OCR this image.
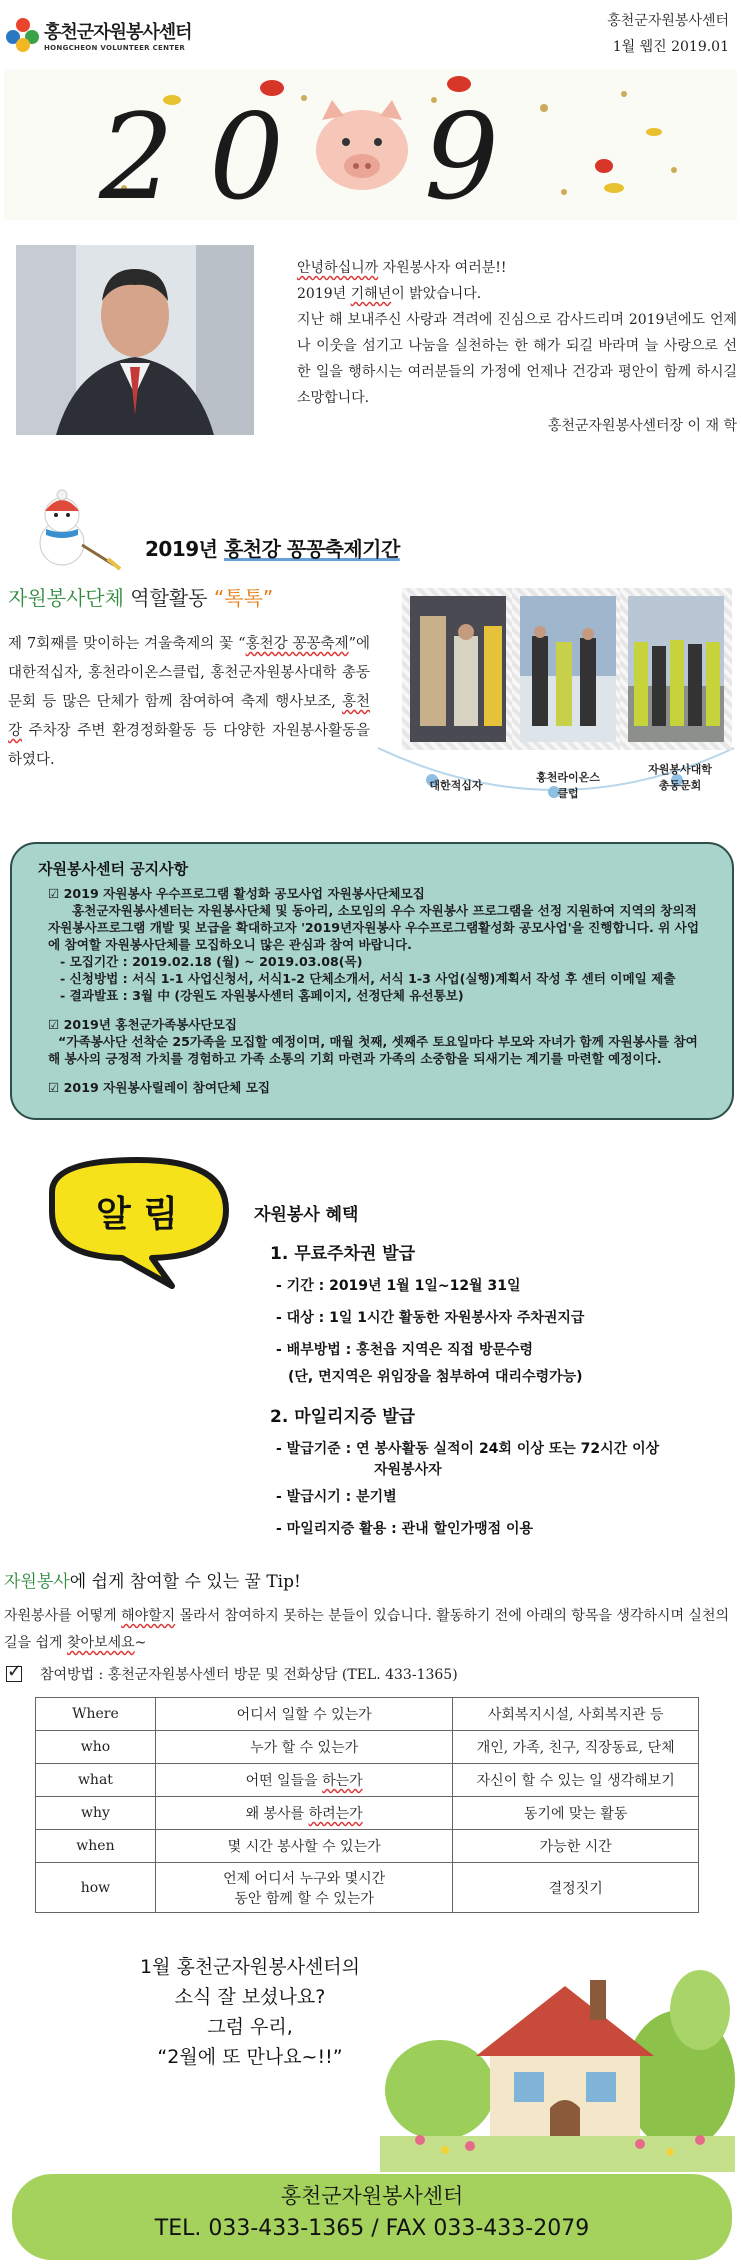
홍천군자원봉사센터
HONGCHEON VOLUNTEER CENTER
홍천군자원봉사센터
1월 웹진 2019.01
2 0 9
안녕하십니까 자원봉사자 여러분!!
2019년 기해년이 밝았습니다.
지난 해 보내주신 사랑과 격려에 진심으로 감사드리며 2019년에도 언제나 이웃을 섬기고 나눔을 실천하는 한 해가 되길 바라며 늘 사랑으로 선한 일을 행하시는 여러분들의 가정에 언제나 건강과 평안이 함께 하시길 소망합니다.
홍천군자원봉사센터장 이 재 학
2019년 홍천강 꽁꽁축제기간
자원봉사단체 역할활동 “톡톡”
제 7회째를 맞이하는 겨울축제의 꽃 “홍천강 꽁꽁축제”에 대한적십자, 홍천라이온스클럽, 홍천군자원봉사대학 총동문회 등 많은 단체가 함께 참여하여 축제 행사보조, 홍천강 주차장 주변 환경정화활동 등 다양한 자원봉사활동을 하였다.
대한적십자
홍천라이온스
클럽
자원봉사대학
총동문회
자원봉사센터 공지사항

☑ 2019 자원봉사 우수프로그램 활성화 공모사업 자원봉사단체모집

홍천군자원봉사센터는 자원봉사단체 및 동아리, 소모임의 우수 자원봉사 프로그램을 선정 지원하여 지역의 창의적 자원봉사프로그램 개발 및 보급을 확대하고자 '2019년자원봉사 우수프로그램활성화 공모사업'을 진행합니다. 위 사업에 참여할 자원봉사단체를 모집하오니 많은 관심과 참여 바랍니다.

- 모집기간 : 2019.02.18 (월) ~ 2019.03.08(목)

- 신청방법 : 서식 1-1 사업신청서, 서식1-2 단체소개서, 서식 1-3 사업(실행)계획서 작성 후 센터 이메일 제출

- 결과발표 : 3월 中 (강원도 자원봉사센터 홈페이지, 선정단체 유선통보)

☑ 2019년 홍천군가족봉사단모집

“가족봉사단 선착순 25가족을 모집할 예정이며, 매월 첫째, 셋째주 토요일마다 부모와 자녀가 함께 자원봉사를 참여해 봉사의 긍정적 가치를 경험하고 가족 소통의 기회 마련과 가족의 소중함을 되새기는 계기를 마련할 예정이다.

☑ 2019 자원봉사릴레이 참여단체 모집

알 림	자원봉사 혜택
1. 무료주차권 발급
- 기간 : 2019년 1월 1일~12월 31일
- 대상 : 1일 1시간 활동한 자원봉사자 주차권지급
- 배부방법 : 홍천읍 지역은 직접 방문수령
(단, 면지역은 위임장을 첨부하여 대리수령가능)
2. 마일리지증 발급
- 발급기준 : 연 봉사활동 실적이 24회 이상 또는 72시간 이상
자원봉사자
- 발급시기 : 분기별
- 마일리지증 활용 : 관내 할인가맹점 이용
자원봉사에 쉽게 참여할 수 있는 꿀 Tip!
자원봉사를 어떻게 해야할지 몰라서 참여하지 못하는 분들이 있습니다. 활동하기 전에 아래의 항목을 생각하시며 실천의 길을 쉽게 찾아보세요~
✓
참여방법 : 홍천군자원봉사센터 방문 및 전화상담 (TEL. 433-1365)
Where	어디서 일할 수 있는가	사회복지시설, 사회복지관 등
who	누가 할 수 있는가	개인, 가족, 친구, 직장동료, 단체
what	어떤 일들을 하는가	자신이 할 수 있는 일 생각해보기
why	왜 봉사를 하려는가	동기에 맞는 활동
when	몇 시간 봉사할 수 있는가	가능한 시간
how	언제 어디서 누구와 몇시간
동안 함께 할 수 있는가	결정짓기
1월 홍천군자원봉사센터의
소식 잘 보셨나요?
그럼 우리,
“2월에 또 만나요~!!”
홍천군자원봉사센터
TEL. 033-433-1365 / FAX 033-433-2079
